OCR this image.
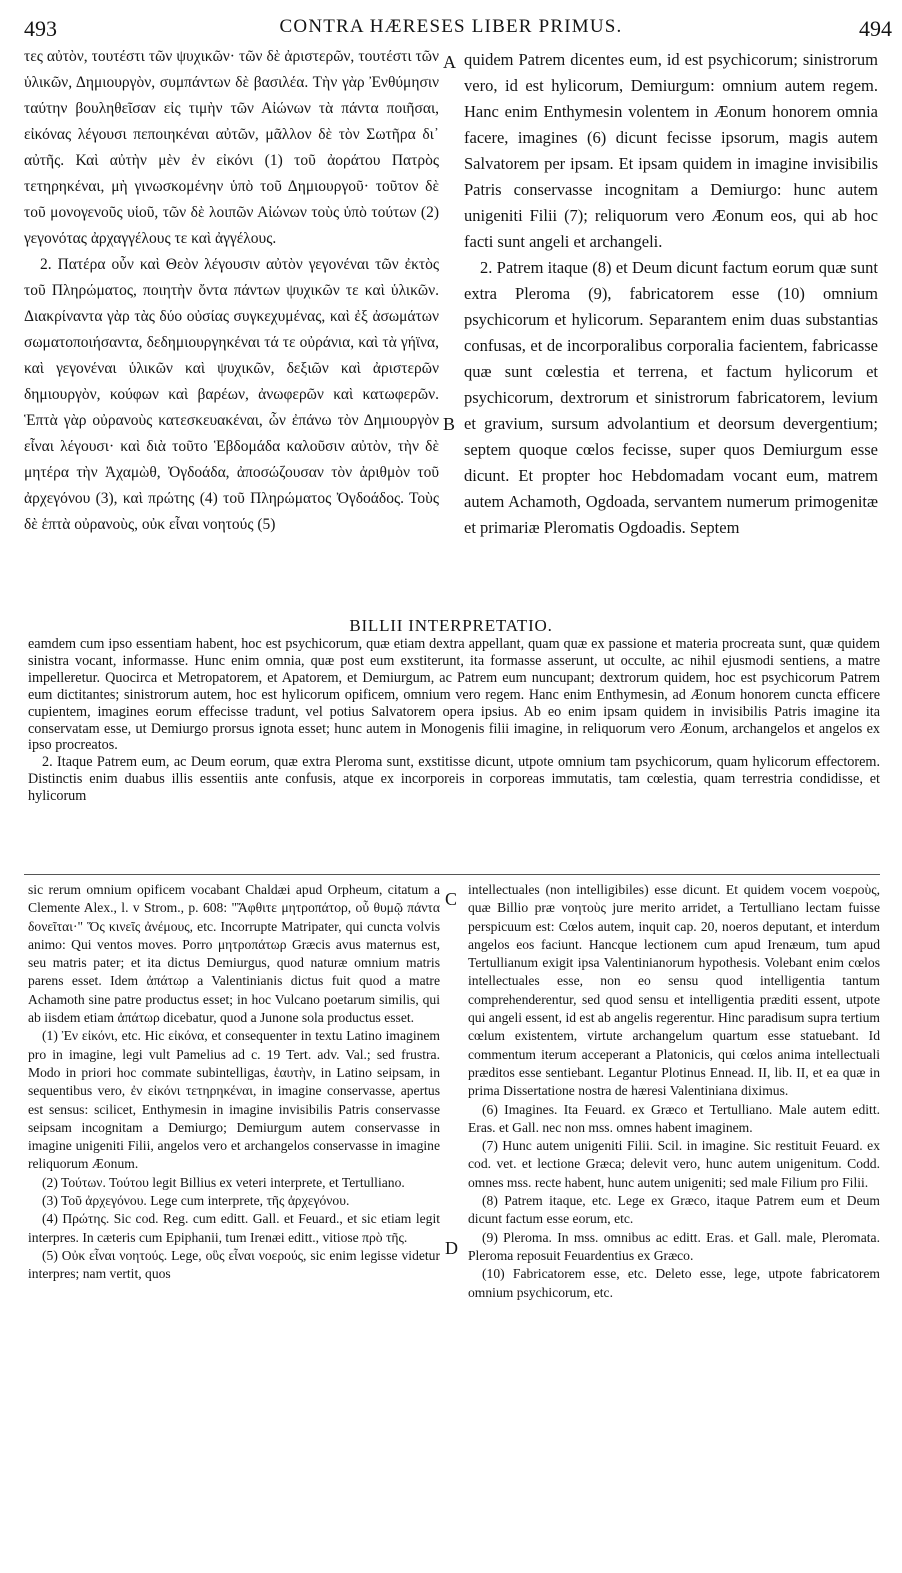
493	CONTRA HÆRESES LIBER PRIMUS.	494

τες αὐτὸν, τουτέστι τῶν ψυχικῶν· τῶν δὲ ἀριστερῶν, τουτέστι τῶν ὑλικῶν, Δημιουργὸν, συμπάντων δὲ βασιλέα. Τὴν γὰρ Ἐνθύμησιν ταύτην βουληθεῖσαν εἰς τιμὴν τῶν Αἰώνων τὰ πάντα ποιῆσαι, εἰκόνας λέγουσι πεποιηκέναι αὐτῶν, μᾶλλον δὲ τὸν Σωτῆρα δι᾽ αὐτῆς. Καὶ αὐτὴν μὲν ἐν εἰκόνι (1) τοῦ ἀοράτου Πατρὸς τετηρηκέναι, μὴ γινωσκομένην ὑπὸ τοῦ Δημιουργοῦ· τοῦτον δὲ τοῦ μονογενοῦς υἱοῦ, τῶν δὲ λοιπῶν Αἰώνων τοὺς ὑπὸ τούτων (2) γεγονότας ἀρχαγγέλους τε καὶ ἀγγέλους.

2. Πατέρα οὖν καὶ Θεὸν λέγουσιν αὐτὸν γεγονέναι τῶν ἐκτὸς τοῦ Πληρώματος, ποιητὴν ὄντα πάντων ψυχικῶν τε καὶ ὑλικῶν. Διακρίναντα γὰρ τὰς δύο οὐσίας συγκεχυμένας, καὶ ἐξ ἀσωμάτων σωματοποιήσαντα, δεδημιουργηκέναι τά τε οὐράνια, καὶ τὰ γήϊνα, καὶ γεγονέναι ὑλικῶν καὶ ψυχικῶν, δεξιῶν καὶ ἀριστερῶν δημιουργὸν, κούφων καὶ βαρέων, ἀνωφερῶν καὶ κατωφερῶν. Ἑπτὰ γὰρ οὐρανοὺς κατεσκευακέναι, ὧν ἐπάνω τὸν Δημιουργὸν εἶναι λέγουσι· καὶ διὰ τοῦτο Ἑβδομάδα καλοῦσιν αὐτὸν, τὴν δὲ μητέρα τὴν Ἀχαμὼθ, Ὀγδοάδα, ἀποσώζουσαν τὸν ἀριθμὸν τοῦ ἀρχεγόνου (3), καὶ πρώτης (4) τοῦ Πληρώματος Ὀγδοάδος. Τοὺς δὲ ἑπτὰ οὐρανοὺς, οὐκ εἶναι νοητούς (5)

A
B

quidem Patrem dicentes eum, id est psychicorum; sinistrorum vero, id est hylicorum, Demiurgum: omnium autem regem. Hanc enim Enthymesin volentem in Æonum honorem omnia facere, imagines (6) dicunt fecisse ipsorum, magis autem Salvatorem per ipsam. Et ipsam quidem in imagine invisibilis Patris conservasse incognitam a Demiurgo: hunc autem unigeniti Filii (7); reliquorum vero Æonum eos, qui ab hoc facti sunt angeli et archangeli.

2. Patrem itaque (8) et Deum dicunt factum eorum quæ sunt extra Pleroma (9), fabricatorem esse (10) omnium psychicorum et hylicorum. Separantem enim duas substantias confusas, et de incorporalibus corporalia facientem, fabricasse quæ sunt cœlestia et terrena, et factum hylicorum et psychicorum, dextrorum et sinistrorum fabricatorem, levium et gravium, sursum advolantium et deorsum devergentium; septem quoque cœlos fecisse, super quos Demiurgum esse dicunt. Et propter hoc Hebdomadam vocant eum, matrem autem Achamoth, Ogdoada, servantem numerum primogenitæ et primariæ Pleromatis Ogdoadis. Septem

BILLII INTERPRETATIO.

eamdem cum ipso essentiam habent, hoc est psychicorum, quæ etiam dextra appellant, quam quæ ex passione et materia procreata sunt, quæ quidem sinistra vocant, informasse. Hunc enim omnia, quæ post eum exstiterunt, ita formasse asserunt, ut occulte, ac nihil ejusmodi sentiens, a matre impelleretur. Quocirca et Metropatorem, et Apatorem, et Demiurgum, ac Patrem eum nuncupant; dextrorum quidem, hoc est psychicorum Patrem eum dictitantes; sinistrorum autem, hoc est hylicorum opificem, omnium vero regem. Hanc enim Enthymesin, ad Æonum honorem cuncta efficere cupientem, imagines eorum effecisse tradunt, vel potius Salvatorem opera ipsius. Ab eo enim ipsam quidem in invisibilis Patris imagine ita conservatam esse, ut Demiurgo prorsus ignota esset; hunc autem in Monogenis filii imagine, in reliquorum vero Æonum, archangelos et angelos ex ipso procreatos.

2. Itaque Patrem eum, ac Deum eorum, quæ extra Pleroma sunt, exstitisse dicunt, utpote omnium tam psychicorum, quam hylicorum effectorem. Distinctis enim duabus illis essentiis ante confusis, atque ex incorporeis in corporeas immutatis, tam cœlestia, quam terrestria condidisse, et hylicorum

sic rerum omnium opificem vocabant Chaldæi apud Orpheum, citatum a Clemente Alex., l. v Strom., p. 608: "Ἄφθιτε μητροπάτορ, οὗ θυμῷ πάντα δονεῖται·" Ὅς κινεῖς ἀνέμους, etc. Incorrupte Matripater, qui cuncta volvis animo: Qui ventos moves. Porro μητροπάτωρ Græcis avus maternus est, seu matris pater; et ita dictus Demiurgus, quod naturæ omnium matris parens esset. Idem ἀπάτωρ a Valentinianis dictus fuit quod a matre Achamoth sine patre productus esset; in hoc Vulcano poetarum similis, qui ab iisdem etiam ἀπάτωρ dicebatur, quod a Junone sola productus esset.

(1) Ἐν εἰκόνι, etc. Hic εἰκόνα, et consequenter in textu Latino imaginem pro in imagine, legi vult Pamelius ad c. 19 Tert. adv. Val.; sed frustra. Modo in priori hoc commate subintelligas, ἑαυτὴν, in Latino seipsam, in sequentibus vero, ἐν εἰκόνι τετηρηκέναι, in imagine conservasse, apertus est sensus: scilicet, Enthymesin in imagine invisibilis Patris conservasse seipsam incognitam a Demiurgo; Demiurgum autem conservasse in imagine unigeniti Filii, angelos vero et archangelos conservasse in imagine reliquorum Æonum.

(2) Τούτων. Τούτου legit Billius ex veteri interprete, et Tertulliano.

(3) Τοῦ ἀρχεγόνου. Lege cum interprete, τῆς ἀρχεγόνου.

(4) Πρώτης. Sic cod. Reg. cum editt. Gall. et Feuard., et sic etiam legit interpres. In cæteris cum Epiphanii, tum Irenæi editt., vitiose πρὸ τῆς.

(5) Οὐκ εἶναι νοητούς. Lege, οὓς εἶναι νοερούς, sic enim legisse videtur interpres; nam vertit, quos

C
D

intellectuales (non intelligibiles) esse dicunt. Et quidem vocem νοεροὺς, quæ Billio præ νοητοὺς jure merito arridet, a Tertulliano lectam fuisse perspicuum est: Cœlos autem, inquit cap. 20, noeros deputant, et interdum angelos eos faciunt. Hancque lectionem cum apud Irenæum, tum apud Tertullianum exigit ipsa Valentinianorum hypothesis. Volebant enim cœlos intellectuales esse, non eo sensu quod intelligentia tantum comprehenderentur, sed quod sensu et intelligentia præditi essent, utpote qui angeli essent, id est ab angelis regerentur. Hinc paradisum supra tertium cœlum existentem, virtute archangelum quartum esse statuebant. Id commentum iterum acceperant a Platonicis, qui cœlos anima intellectuali præditos esse sentiebant. Legantur Plotinus Ennead. II, lib. II, et ea quæ in prima Dissertatione nostra de hæresi Valentiniana diximus.

(6) Imagines. Ita Feuard. ex Græco et Tertulliano. Male autem editt. Eras. et Gall. nec non mss. omnes habent imaginem.

(7) Hunc autem unigeniti Filii. Scil. in imagine. Sic restituit Feuard. ex cod. vet. et lectione Græca; delevit vero, hunc autem unigenitum. Codd. omnes mss. recte habent, hunc autem unigeniti; sed male Filium pro Filii.

(8) Patrem itaque, etc. Lege ex Græco, itaque Patrem eum et Deum dicunt factum esse eorum, etc.

(9) Pleroma. In mss. omnibus ac editt. Eras. et Gall. male, Pleromata. Pleroma reposuit Feuardentius ex Græco.

(10) Fabricatorem esse, etc. Deleto esse, lege, utpote fabricatorem omnium psychicorum, etc.
